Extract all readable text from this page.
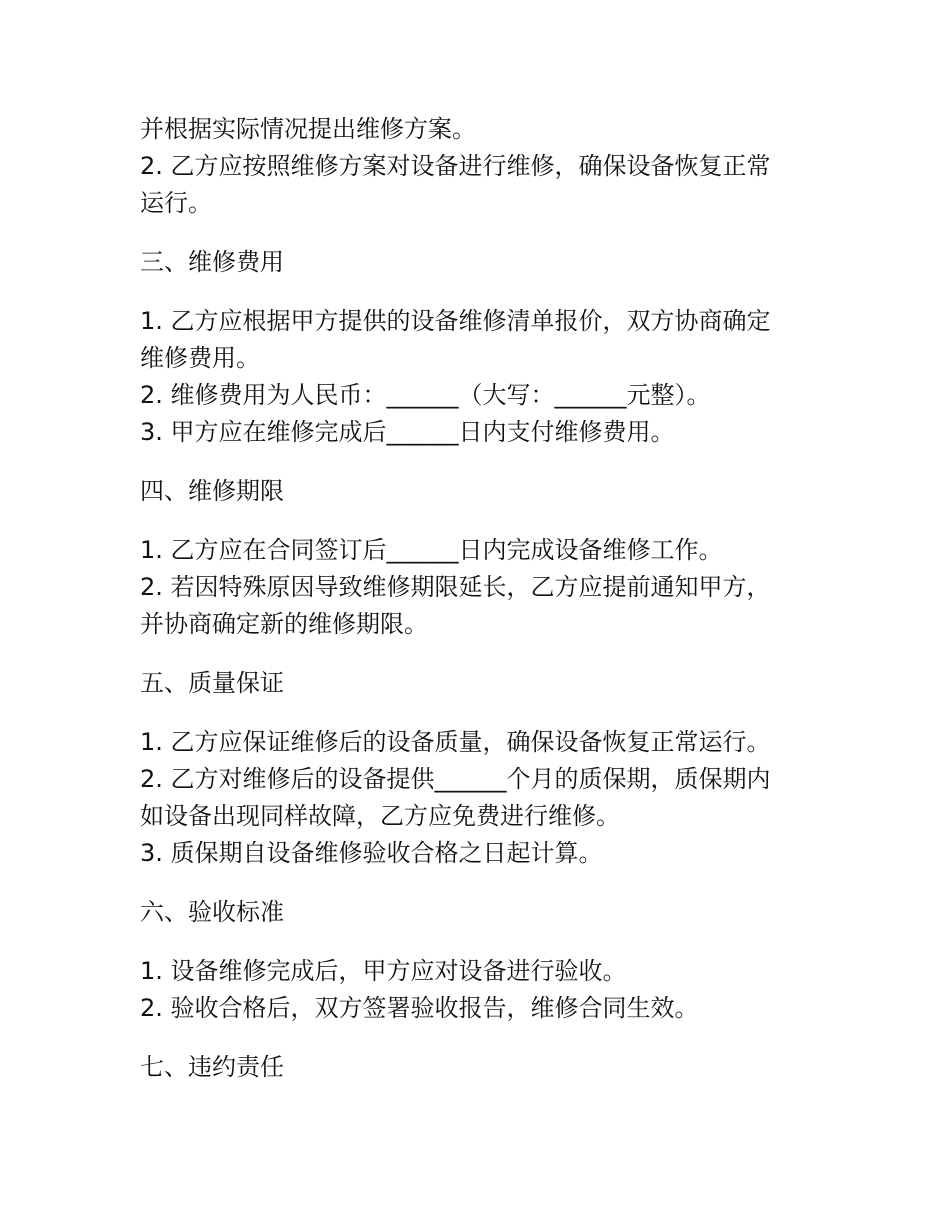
并根据实际情况提出维修方案。
2. 乙方应按照维修方案对设备进行维修，确保设备恢复正常
运行。
三、维修费用
1. 乙方应根据甲方提供的设备维修清单报价，双方协商确定
维修费用。
2. 维修费用为人民币：______（大写：______元整）。
3. 甲方应在维修完成后______日内支付维修费用。
四、维修期限
1. 乙方应在合同签订后______日内完成设备维修工作。
2. 若因特殊原因导致维修期限延长，乙方应提前通知甲方，
并协商确定新的维修期限。
五、质量保证
1. 乙方应保证维修后的设备质量，确保设备恢复正常运行。
2. 乙方对维修后的设备提供______个月的质保期，质保期内
如设备出现同样故障，乙方应免费进行维修。
3. 质保期自设备维修验收合格之日起计算。
六、验收标准
1. 设备维修完成后，甲方应对设备进行验收。
2. 验收合格后，双方签署验收报告，维修合同生效。
七、违约责任
